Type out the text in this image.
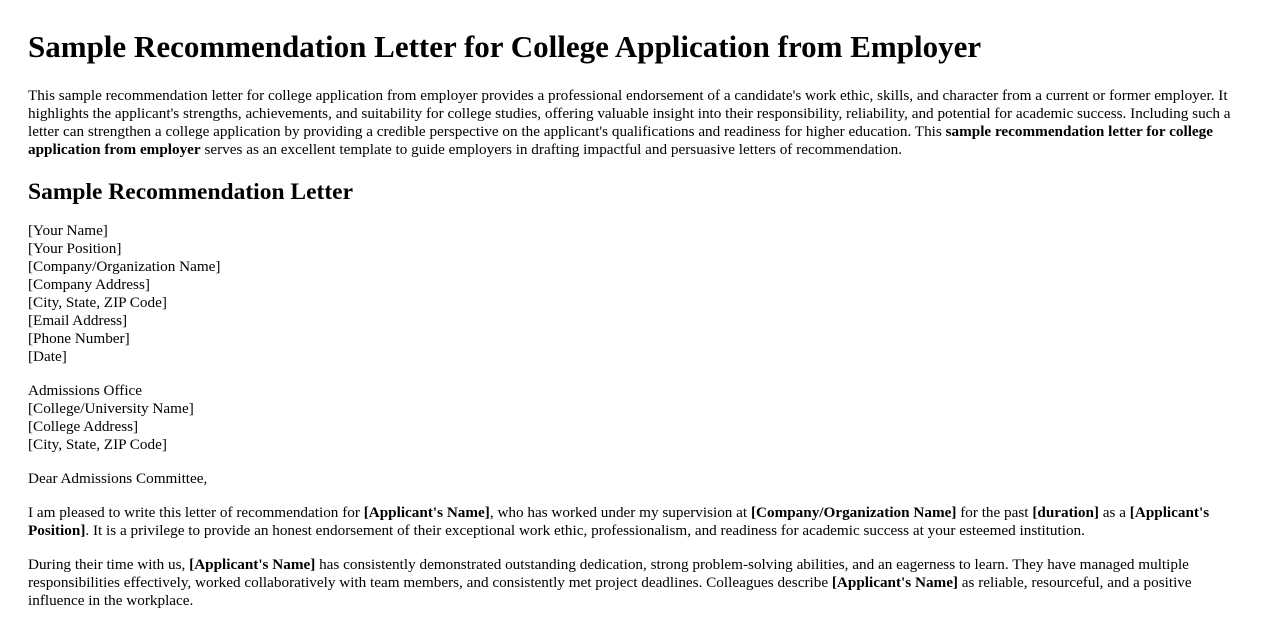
Sample Recommendation Letter for College Application from Employer

This sample recommendation letter for college application from employer provides a professional endorsement of a candidate's work ethic, skills, and character from a current or former employer. It highlights the applicant's strengths, achievements, and suitability for college studies, offering valuable insight into their responsibility, reliability, and potential for academic success. Including such a letter can strengthen a college application by providing a credible perspective on the applicant's qualifications and readiness for higher education. This sample recommendation letter for college application from employer serves as an excellent template to guide employers in drafting impactful and persuasive letters of recommendation.

Sample Recommendation Letter
[Your Name]
[Your Position]
[Company/Organization Name]
[Company Address]
[City, State, ZIP Code]
[Email Address]
[Phone Number]
[Date]
Admissions Office
[College/University Name]
[College Address]
[City, State, ZIP Code]

Dear Admissions Committee,

I am pleased to write this letter of recommendation for [Applicant's Name], who has worked under my supervision at [Company/Organization Name] for the past [duration] as a [Applicant's Position]. It is a privilege to provide an honest endorsement of their exceptional work ethic, professionalism, and readiness for academic success at your esteemed institution.

During their time with us, [Applicant's Name] has consistently demonstrated outstanding dedication, strong problem-solving abilities, and an eagerness to learn. They have managed multiple responsibilities effectively, worked collaboratively with team members, and consistently met project deadlines. Colleagues describe [Applicant's Name] as reliable, resourceful, and a positive influence in the workplace.
